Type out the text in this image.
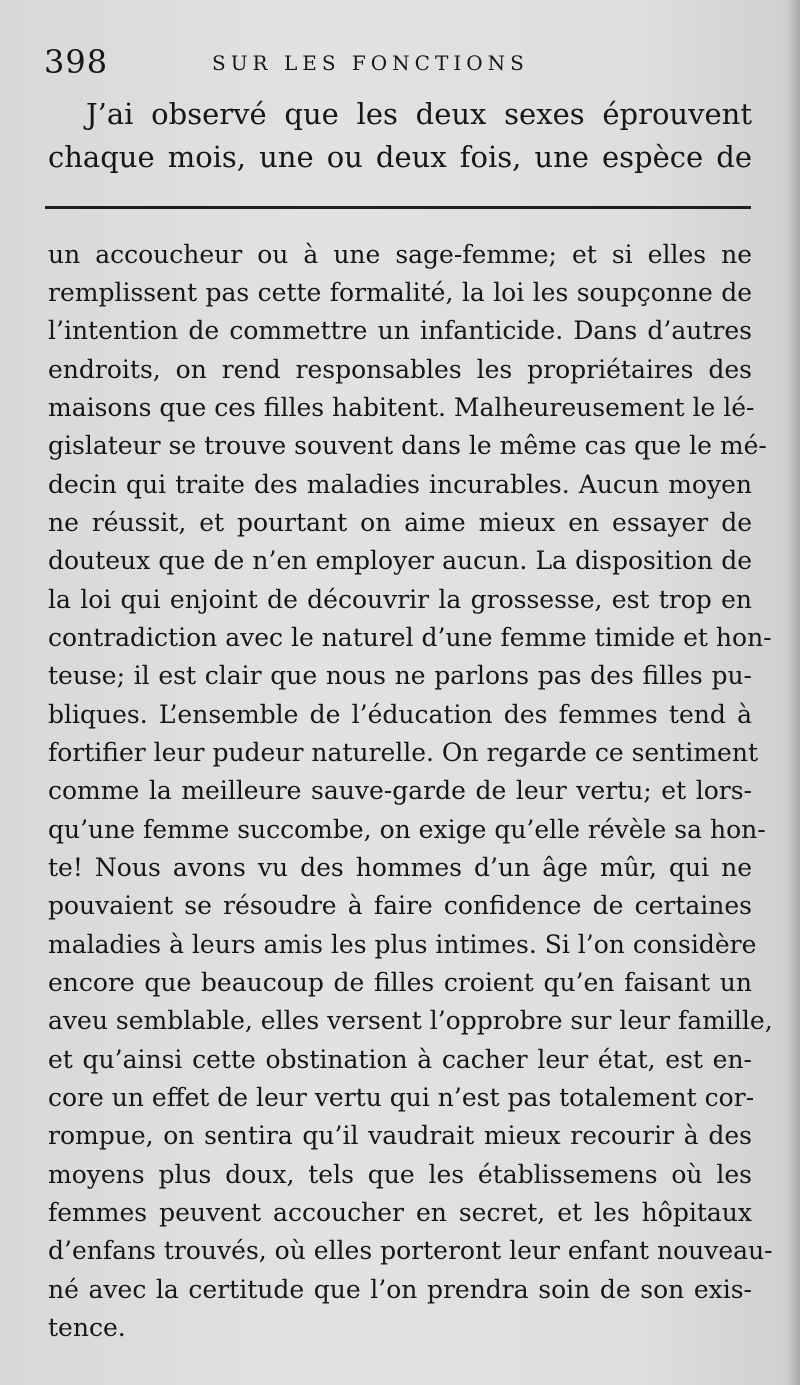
398	SUR LES FONCTIONS

J’ai observé que les deux sexes éprouvent

chaque mois, une ou deux fois, une espèce de

un accoucheur ou à une sage-femme; et si elles ne

remplissent pas cette formalité, la loi les soupçonne de

l’intention de commettre un infanticide. Dans d’autres

endroits, on rend responsables les propriétaires des

maisons que ces filles habitent. Malheureusement le lé-

gislateur se trouve souvent dans le même cas que le mé-

decin qui traite des maladies incurables. Aucun moyen

ne réussit, et pourtant on aime mieux en essayer de

douteux que de n’en employer aucun. La disposition de

la loi qui enjoint de découvrir la grossesse, est trop en

contradiction avec le naturel d’une femme timide et hon-

teuse; il est clair que nous ne parlons pas des filles pu-

bliques. L’ensemble de l’éducation des femmes tend à

fortifier leur pudeur naturelle. On regarde ce sentiment

comme la meilleure sauve-garde de leur vertu; et lors-

qu’une femme succombe, on exige qu’elle révèle sa hon-

te! Nous avons vu des hommes d’un âge mûr, qui ne

pouvaient se résoudre à faire confidence de certaines

maladies à leurs amis les plus intimes. Si l’on considère

encore que beaucoup de filles croient qu’en faisant un

aveu semblable, elles versent l’opprobre sur leur famille,

et qu’ainsi cette obstination à cacher leur état, est en-

core un effet de leur vertu qui n’est pas totalement cor-

rompue, on sentira qu’il vaudrait mieux recourir à des

moyens plus doux, tels que les établissemens où les

femmes peuvent accoucher en secret, et les hôpitaux

d’enfans trouvés, où elles porteront leur enfant nouveau-

né avec la certitude que l’on prendra soin de son exis-

tence.
